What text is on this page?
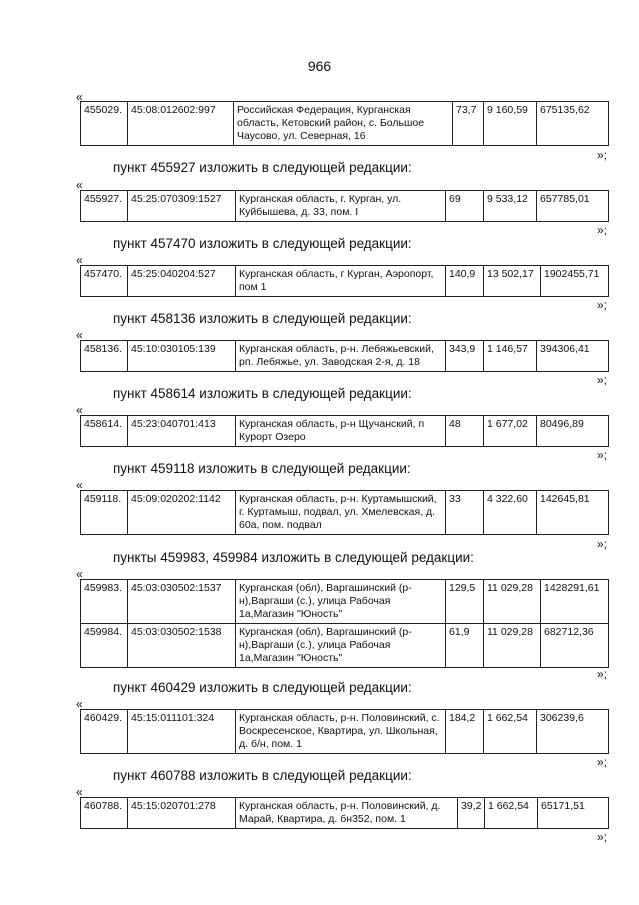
966
«
455029.	45:08:012602:997	Российская Федерация, Курганская область, Кетовский район, с. Большое Чаусово, ул. Северная, 16	73,7	9 160,59	675135,62
»;
пункт 455927 изложить в следующей редакции:
«
455927.	45:25:070309:1527	Курганская область, г. Курган, ул. Куйбышева, д. 33, пом. I	69	9 533,12	657785,01
»;
пункт 457470 изложить в следующей редакции:
«
457470.	45:25:040204:527	Курганская область, г Курган, Аэропорт, пом 1	140,9	13 502,17	1902455,71
»;
пункт 458136 изложить в следующей редакции:
«
458136.	45:10:030105:139	Курганская область, р-н. Лебяжьевский, рп. Лебяжье, ул. Заводская 2-я, д. 18	343,9	1 146,57	394306,41
»;
пункт 458614 изложить в следующей редакции:
«
458614.	45:23:040701:413	Курганская область, р-н Щучанский, п Курорт Озеро	48	1 677,02	80496,89
»;
пункт 459118 изложить в следующей редакции:
«
459118.	45:09:020202:1142	Курганская область, р-н. Куртамышский, г. Куртамыш, подвал, ул. Хмелевская, д. 60а, пом. подвал	33	4 322,60	142645,81
»;
пункты 459983, 459984 изложить в следующей редакции:
«
459983.	45:03:030502:1537	Курганская (обл), Варгашинский (р-н),Варгаши (с.), улица Рабочая 1а,Магазин "Юность"	129,5	11 029,28	1428291,61
459984.	45:03:030502:1538	Курганская (обл), Варгашинский (р-н),Варгаши (с.), улица Рабочая 1а,Магазин "Юность"	61,9	11 029,28	682712,36
»;
пункт 460429 изложить в следующей редакции:
«
460429.	45:15:011101:324	Курганская область, р-н. Половинский, с. Воскресенское, Квартира, ул. Школьная, д. б/н, пом. 1	184,2	1 662,54	306239,6
»;
пункт 460788 изложить в следующей редакции:
«
460788.	45:15:020701:278	Курганская область, р-н. Половинский, д. Марай, Квартира, д. бн352, пом. 1	39,2	1 662,54	65171,51
»;
